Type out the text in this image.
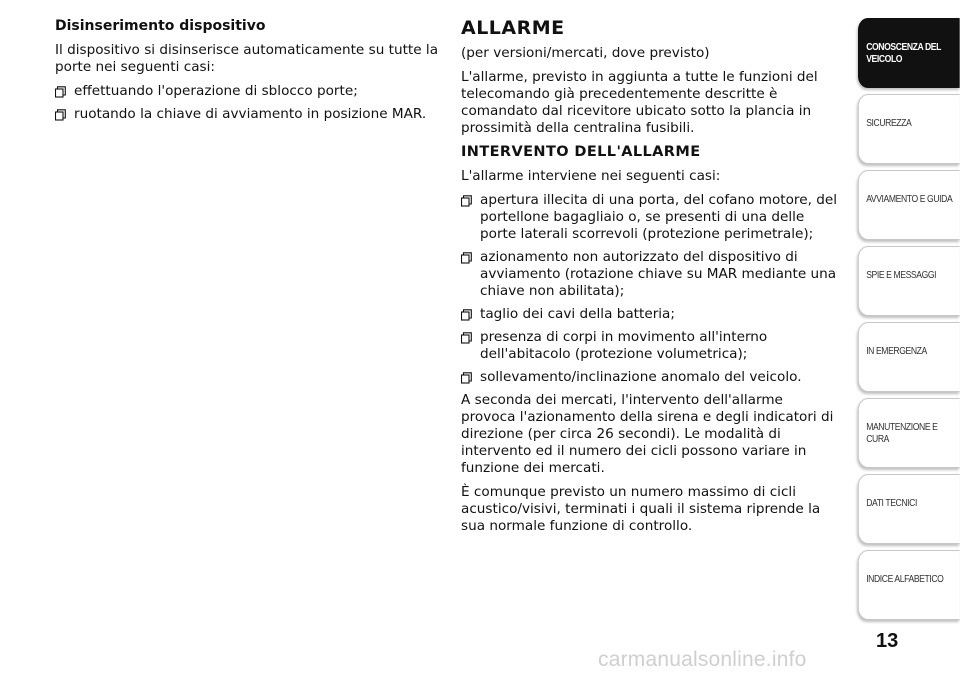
Disinserimento dispositivo

Il dispositivo si disinserisce automaticamente su tutte la porte nei seguenti casi:

effettuando l'operazione di sblocco porte;
ruotando la chiave di avviamento in posizione MAR.

ALLARME

(per versioni/mercati, dove previsto)

L'allarme, previsto in aggiunta a tutte le funzioni del telecomando già precedentemente descritte è comandato dal ricevitore ubicato sotto la plancia in prossimità della centralina fusibili.

INTERVENTO DELL'ALLARME

L'allarme interviene nei seguenti casi:

apertura illecita di una porta, del cofano motore, del portellone bagagliaio o, se presenti di una delle porte laterali scorrevoli (protezione perimetrale);
azionamento non autorizzato del dispositivo di avviamento (rotazione chiave su MAR mediante una chiave non abilitata);
taglio dei cavi della batteria;
presenza di corpi in movimento all'interno dell'abitacolo (protezione volumetrica);
sollevamento/inclinazione anomalo del veicolo.

A seconda dei mercati, l'intervento dell'allarme provoca l'azionamento della sirena e degli indicatori di direzione (per circa 26 secondi). Le modalità di intervento ed il numero dei cicli possono variare in funzione dei mercati.

È comunque previsto un numero massimo di cicli acustico/visivi, terminati i quali il sistema riprende la sua normale funzione di controllo.

CONOSCENZA DEL VEICOLO
SICUREZZA
AVVIAMENTO E GUIDA
SPIE E MESSAGGI
IN EMERGENZA
MANUTENZIONE E CURA
DATI TECNICI
INDICE ALFABETICO
13
carmanualsonline.info
